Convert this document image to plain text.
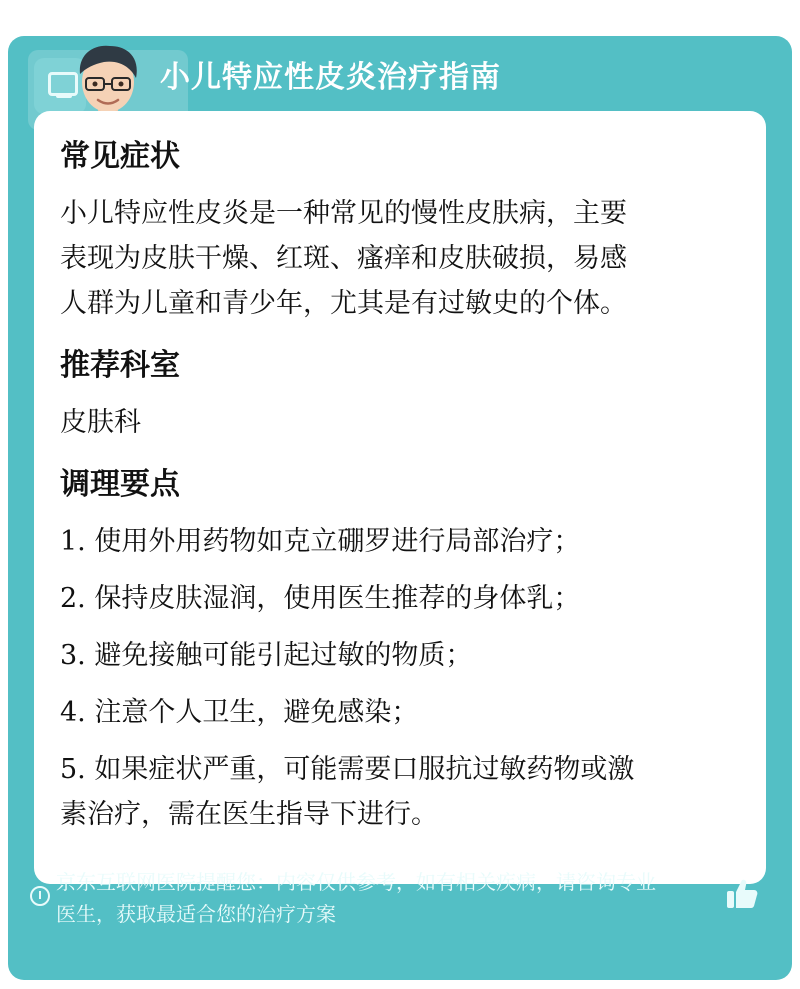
小儿特应性皮炎治疗指南
常见症状
小儿特应性皮炎是一种常见的慢性皮肤病，主要
表现为皮肤干燥、红斑、瘙痒和皮肤破损，易感
人群为儿童和青少年，尤其是有过敏史的个体。
推荐科室
皮肤科
调理要点
1. 使用外用药物如克立硼罗进行局部治疗；
2. 保持皮肤湿润，使用医生推荐的身体乳；
3. 避免接触可能引起过敏的物质；
4. 注意个人卫生，避免感染；
5. 如果症状严重，可能需要口服抗过敏药物或激
素治疗，需在医生指导下进行。
京东互联网医院提醒您：内容仅供参考，如有相关疾病，请咨询专业
医生，获取最适合您的治疗方案
